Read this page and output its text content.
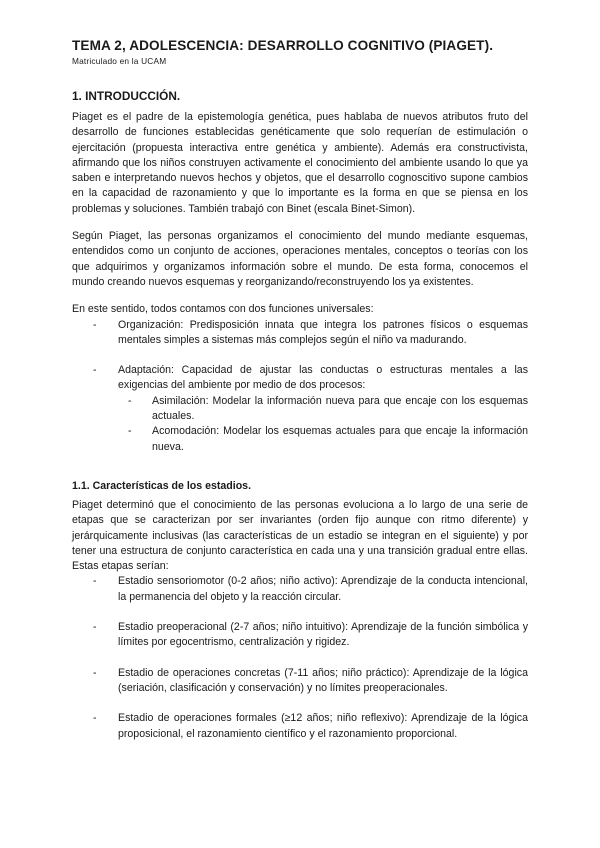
TEMA 2, ADOLESCENCIA: DESARROLLO COGNITIVO (PIAGET).
Matriculado en la UCAM
1. INTRODUCCIÓN.

Piaget es el padre de la epistemología genética, pues hablaba de nuevos atributos fruto del desarrollo de funciones establecidas genéticamente que solo requerían de estimulación o ejercitación (propuesta interactiva entre genética y ambiente). Además era constructivista, afirmando que los niños construyen activamente el conocimiento del ambiente usando lo que ya saben e interpretando nuevos hechos y objetos, que el desarrollo cognoscitivo supone cambios en la capacidad de razonamiento y que lo importante es la forma en que se piensa en los problemas y soluciones. También trabajó con Binet (escala Binet-Simon).

Según Piaget, las personas organizamos el conocimiento del mundo mediante esquemas, entendidos como un conjunto de acciones, operaciones mentales, conceptos o teorías con los que adquirimos y organizamos información sobre el mundo. De esta forma, conocemos el mundo creando nuevos esquemas y reorganizando/reconstruyendo los ya existentes.

En este sentido, todos contamos con dos funciones universales:

- Organización: Predisposición innata que integra los patrones físicos o esquemas mentales simples a sistemas más complejos según el niño va madurando.
- Adaptación: Capacidad de ajustar las conductas o estructuras mentales a las exigencias del ambiente por medio de dos procesos:
- Asimilación: Modelar la información nueva para que encaje con los esquemas actuales.
- Acomodación: Modelar los esquemas actuales para que encaje la información nueva.
1.1. Características de los estadios.

Piaget determinó que el conocimiento de las personas evoluciona a lo largo de una serie de etapas que se caracterizan por ser invariantes (orden fijo aunque con ritmo diferente) y jerárquicamente inclusivas (las características de un estadio se integran en el siguiente) y por tener una estructura de conjunto característica en cada una y una transición gradual entre ellas. Estas etapas serían:

- Estadio sensoriomotor (0-2 años; niño activo): Aprendizaje de la conducta intencional, la permanencia del objeto y la reacción circular.
- Estadio preoperacional (2-7 años; niño intuitivo): Aprendizaje de la función simbólica y límites por egocentrismo, centralización y rigidez.
- Estadio de operaciones concretas (7-11 años; niño práctico): Aprendizaje de la lógica (seriación, clasificación y conservación) y no límites preoperacionales.
- Estadio de operaciones formales (≥12 años; niño reflexivo): Aprendizaje de la lógica proposicional, el razonamiento científico y el razonamiento proporcional.
